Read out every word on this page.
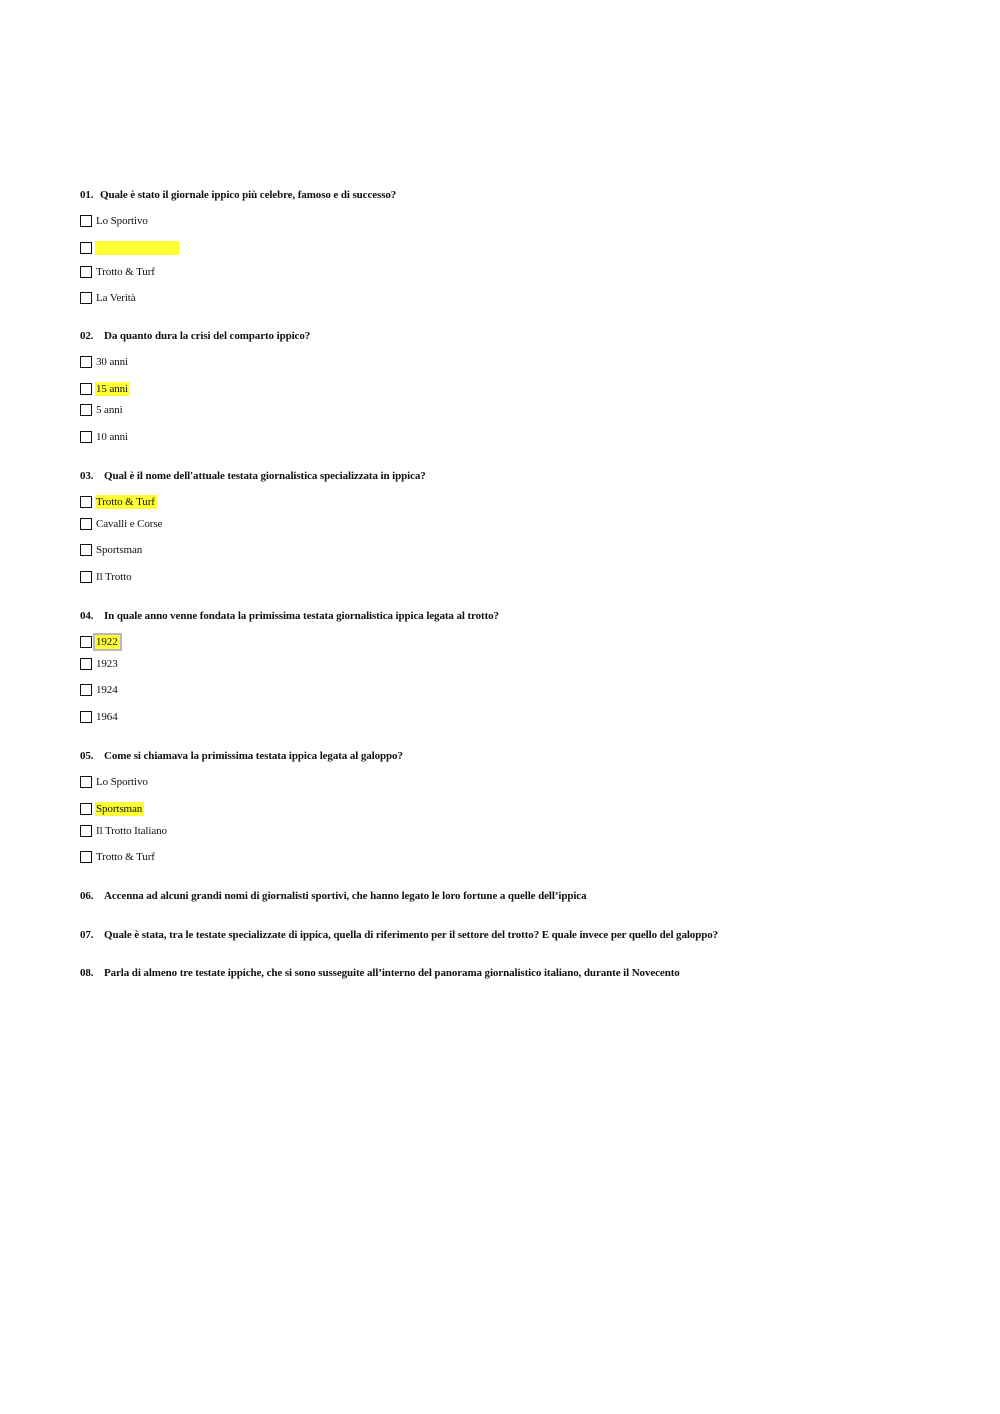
01. Quale è stato il giornale ippico più celebre, famoso e di successo?
Lo Sportivo
Trotto & Turf
La Verità
02. Da quanto dura la crisi del comparto ippico?
30 anni
15 anni
5 anni
10 anni
03. Qual è il nome dell'attuale testata giornalistica specializzata in ippica?
Trotto & Turf
Cavalli e Corse
Sportsman
Il Trotto
04. In quale anno venne fondata la primissima testata giornalistica ippica legata al trotto?
1922
1923
1924
1964
05. Come si chiamava la primissima testata ippica legata al galoppo?
Lo Sportivo
Sportsman
Il Trotto Italiano
Trotto & Turf
06. Accenna ad alcuni grandi nomi di giornalisti sportivi, che hanno legato le loro fortune a quelle dell’ippica
07. Quale è stata, tra le testate specializzate di ippica, quella di riferimento per il settore del trotto? E quale invece per quello del galoppo?
08. Parla di almeno tre testate ippiche, che si sono susseguite all’interno del panorama giornalistico italiano, durante il Novecento
